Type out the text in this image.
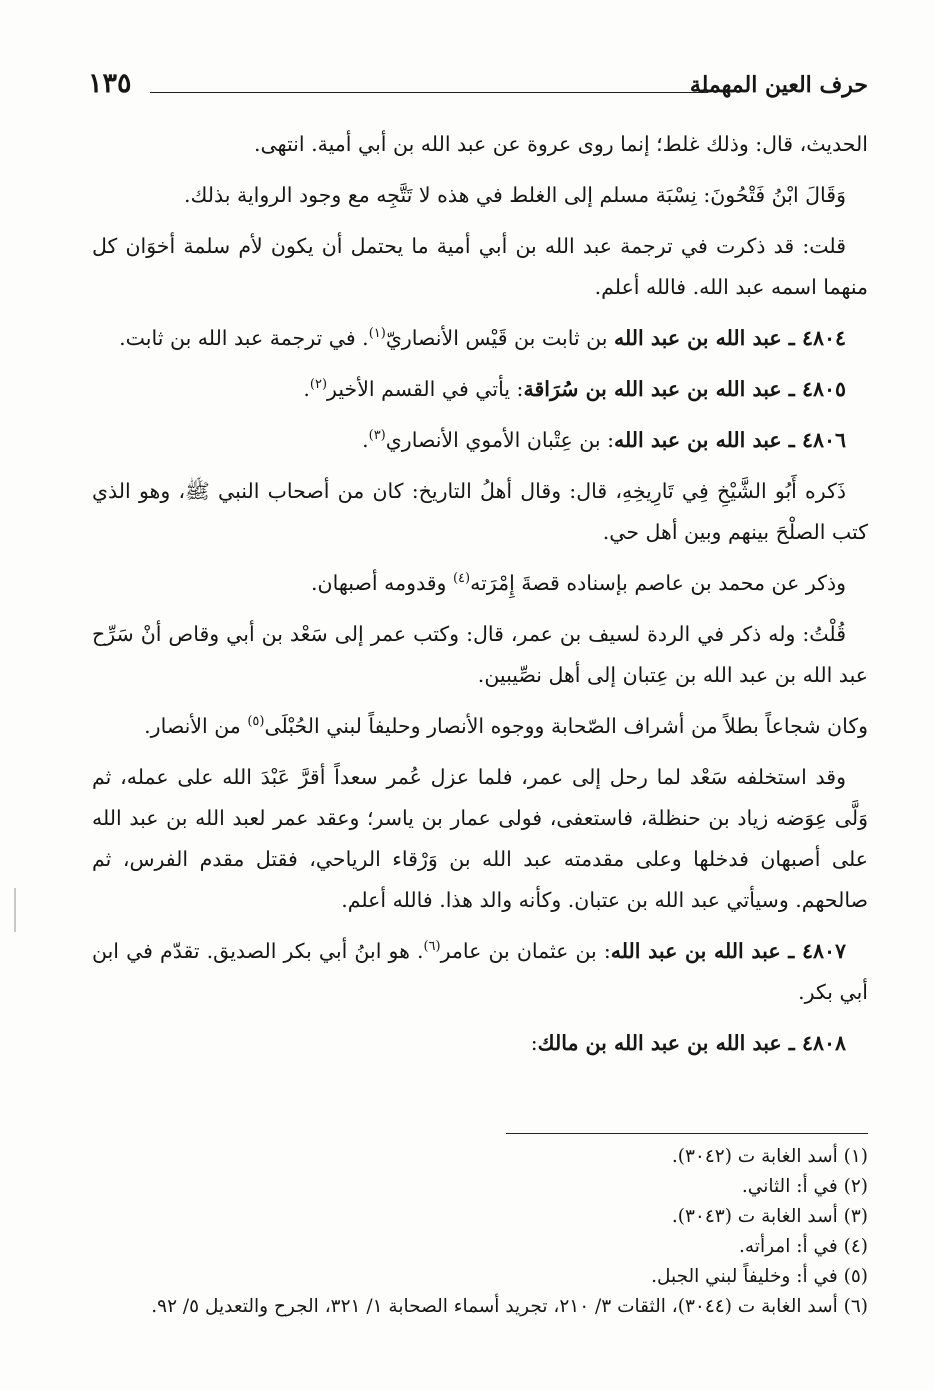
حرف العين المهملة
١٣٥

الحديث، قال: وذلك غلط؛ إنما روى عروة عن عبد الله بن أبي أمية. انتهى.

وَقَالَ ابْنُ فَتْحُونَ: نِسْبَة مسلم إلى الغلط في هذه لا تَتَّجِه مع وجود الرواية بذلك.

قلت: قد ذكرت في ترجمة عبد الله بن أبي أمية ما يحتمل أن يكون لأم سلمة أخوَان كل منهما اسمه عبد الله. فالله أعلم.

٤٨٠٤ ـ عبد الله بن عبد الله بن ثابت بن قَيْس الأنصاريّ$^{(١)}$. في ترجمة عبد الله بن ثابت.

٤٨٠٥ ـ عبد الله بن عبد الله بن سُرَاقة: يأتي في القسم الأخير$^{(٢)}$.

٤٨٠٦ ـ عبد الله بن عبد الله: بن عِتْبان الأموي الأنصاري$^{(٣)}$.

ذَكره أَبُو الشَّيْخِ فِي تَارِيخِهِ، قال: وقال أهلُ التاريخ: كان من أصحاب النبي ﷺ، وهو الذي كتب الصلْحَ بينهم وبين أهل حي.

وذكر عن محمد بن عاصم بإسناده قصةَ إِمْرَته$^{(٤)}$ وقدومه أصبهان.

قُلْتُ: وله ذكر في الردة لسيف بن عمر، قال: وكتب عمر إلى سَعْد بن أبي وقاص أنْ سَرِّح عبد الله بن عبد الله بن عِتبان إلى أهل نصِّيبين.

وكان شجاعاً بطلاً من أشراف الصّحابة ووجوه الأنصار وحليفاً لبني الحُبْلَى$^{(٥)}$ من الأنصار.

وقد استخلفه سَعْد لما رحل إلى عمر، فلما عزل عُمر سعداً أقرَّ عَبْدَ الله على عمله، ثم وَلَّى عِوَضه زياد بن حنظلة، فاستعفى، فولى عمار بن ياسر؛ وعقد عمر لعبد الله بن عبد الله على أصبهان فدخلها وعلى مقدمته عبد الله بن وَرْقاء الرياحي، فقتل مقدم الفرس، ثم صالحهم. وسيأتي عبد الله بن عتبان. وكأنه والد هذا. فالله أعلم.

٤٨٠٧ ـ عبد الله بن عبد الله: بن عثمان بن عامر$^{(٦)}$. هو ابنُ أبي بكر الصديق. تقدّم في ابن أبي بكر.

٤٨٠٨ ـ عبد الله بن عبد الله بن مالك:

(١) أسد الغابة ت (٣٠٤٢).

(٢) في أ: الثاني.

(٣) أسد الغابة ت (٣٠٤٣).

(٤) في أ: امرأته.

(٥) في أ: وخليفاً لبني الجبل.

(٦) أسد الغابة ت (٣٠٤٤)، الثقات ٣/ ٢١٠، تجريد أسماء الصحابة ١/ ٣٢١، الجرح والتعديل ٥/ ٩٢.
